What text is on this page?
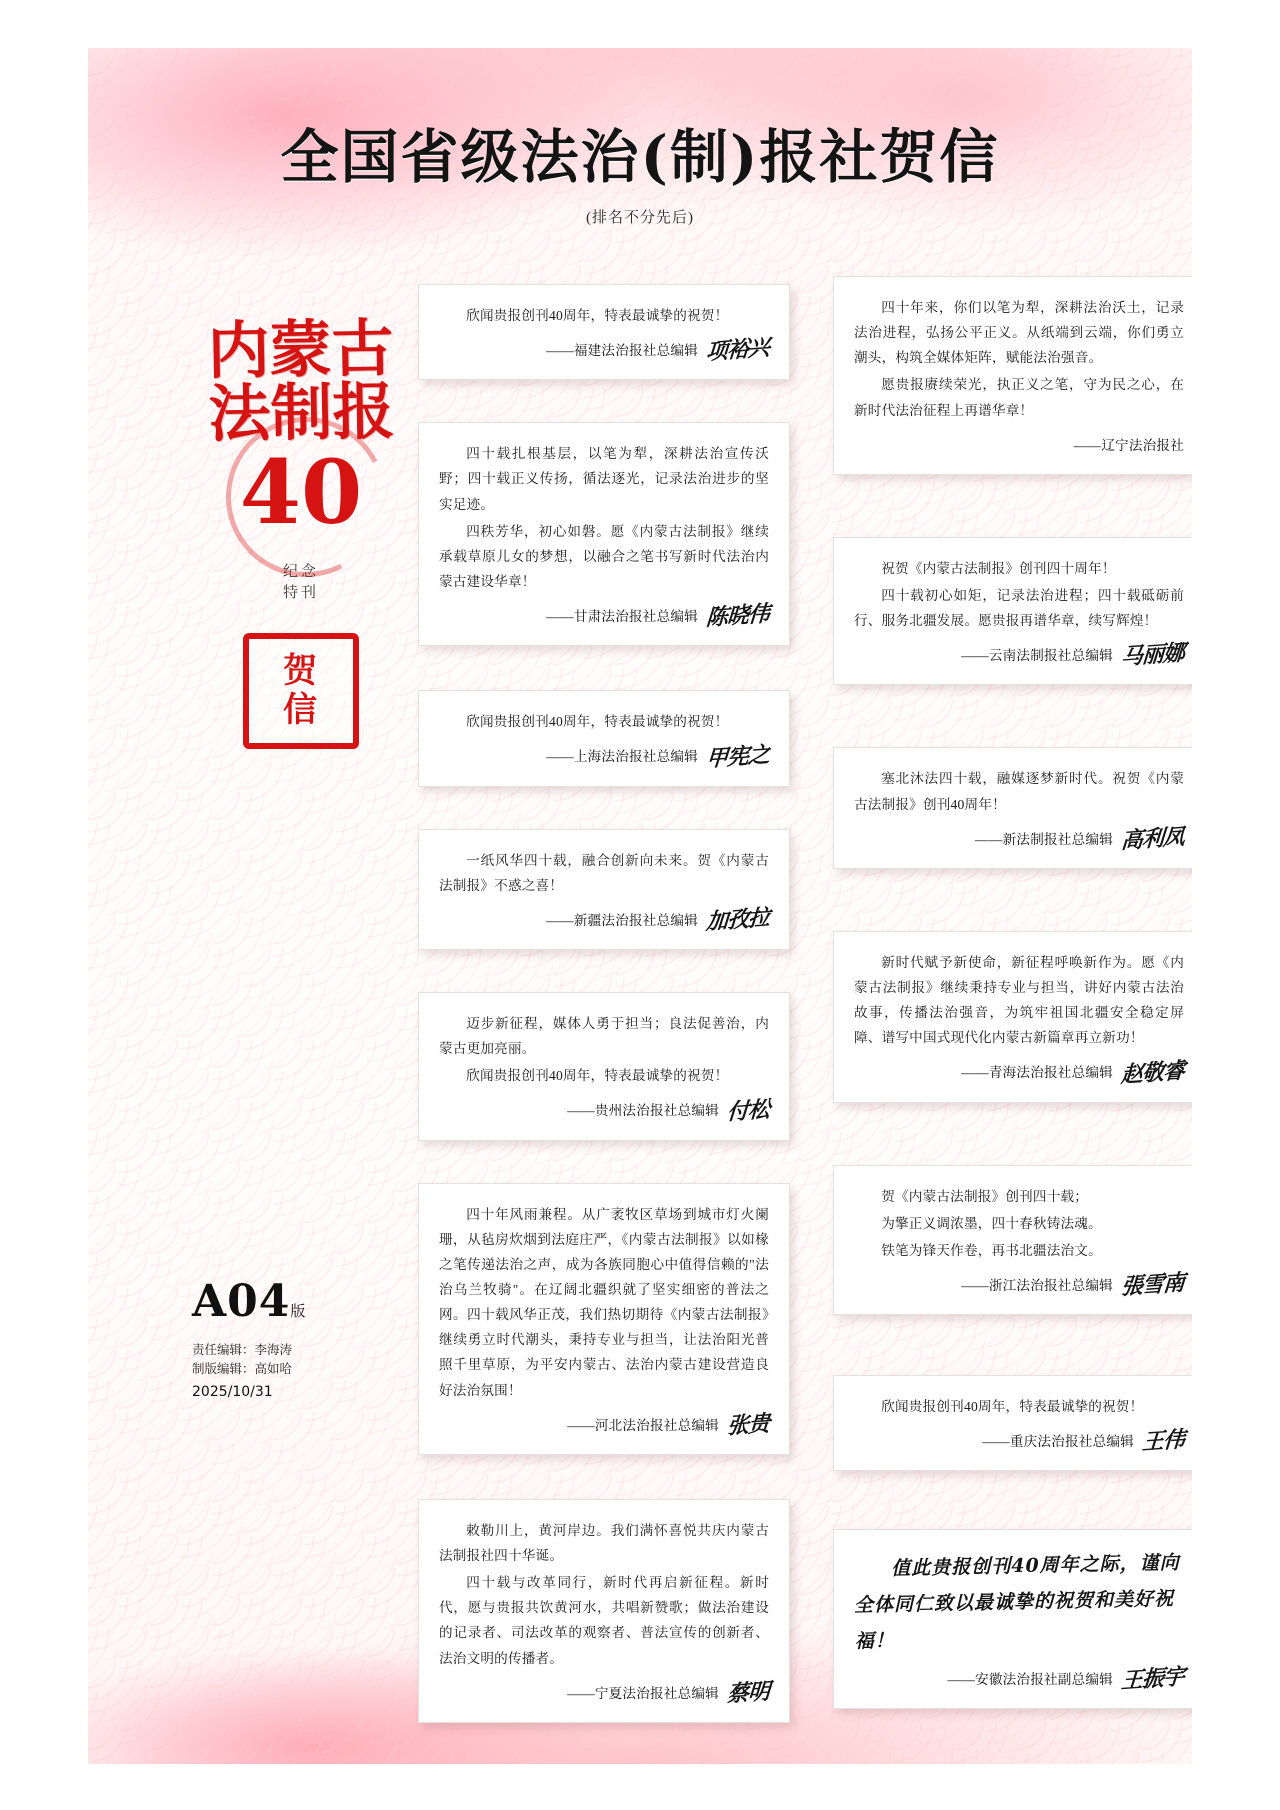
全国省级法治(制)报社贺信
(排名不分先后)
内蒙古
法制报
40
纪念
特刊
贺
信
A04版
责任编辑：李海涛
制版编辑：高如哈
2025/10/31

欣闻贵报创刊40周年，特表最诚挚的祝贺！

——福建法治报社总编辑 项裕兴

四十载扎根基层，以笔为犁，深耕法治宣传沃野；四十载正义传扬，循法逐光，记录法治进步的坚实足迹。

四秩芳华，初心如磐。愿《内蒙古法制报》继续承载草原儿女的梦想，以融合之笔书写新时代法治内蒙古建设华章！

——甘肃法治报社总编辑 陈晓伟

欣闻贵报创刊40周年，特表最诚挚的祝贺！

——上海法治报社总编辑 甲宪之

一纸风华四十载，融合创新向未来。贺《内蒙古法制报》不惑之喜！

——新疆法治报社总编辑 加孜拉

迈步新征程，媒体人勇于担当；良法促善治，内蒙古更加亮丽。

欣闻贵报创刊40周年，特表最诚挚的祝贺！

——贵州法治报社总编辑 付松

四十年风雨兼程。从广袤牧区草场到城市灯火阑珊，从毡房炊烟到法庭庄严，《内蒙古法制报》以如椽之笔传递法治之声，成为各族同胞心中值得信赖的"法治乌兰牧骑"。在辽阔北疆织就了坚实细密的普法之网。四十载风华正茂，我们热切期待《内蒙古法制报》继续勇立时代潮头，秉持专业与担当，让法治阳光普照千里草原，为平安内蒙古、法治内蒙古建设营造良好法治氛围！

——河北法治报社总编辑 张贵

敕勒川上，黄河岸边。我们满怀喜悦共庆内蒙古法制报社四十华诞。

四十载与改革同行，新时代再启新征程。新时代，愿与贵报共饮黄河水，共唱新赞歌；做法治建设的记录者、司法改革的观察者、普法宣传的创新者、法治文明的传播者。

——宁夏法治报社总编辑 蔡明

四十年来，你们以笔为犁，深耕法治沃土，记录法治进程，弘扬公平正义。从纸端到云端，你们勇立潮头，构筑全媒体矩阵，赋能法治强音。

愿贵报赓续荣光，执正义之笔，守为民之心，在新时代法治征程上再谱华章！

——辽宁法治报社

祝贺《内蒙古法制报》创刊四十周年！

四十载初心如矩，记录法治进程；四十载砥砺前行、服务北疆发展。愿贵报再谱华章，续写辉煌！

——云南法制报社总编辑 马丽娜

塞北沐法四十载，融媒逐梦新时代。祝贺《内蒙古法制报》创刊40周年！

——新法制报社总编辑 高利凤

新时代赋予新使命，新征程呼唤新作为。愿《内蒙古法制报》继续秉持专业与担当，讲好内蒙古法治故事，传播法治强音，为筑牢祖国北疆安全稳定屏障、谱写中国式现代化内蒙古新篇章再立新功！

——青海法治报社总编辑 赵敬睿

贺《内蒙古法制报》创刊四十载；

为擎正义调浓墨，四十春秋铸法魂。

铁笔为锋天作卷，再书北疆法治文。

——浙江法治报社总编辑 張雪南

欣闻贵报创刊40周年，特表最诚挚的祝贺！

——重庆法治报社总编辑 王伟
值此贵报创刊40周年之际，谨向全体同仁致以最诚挚的祝贺和美好祝福！
——安徽法治报社副总编辑 王振宇
